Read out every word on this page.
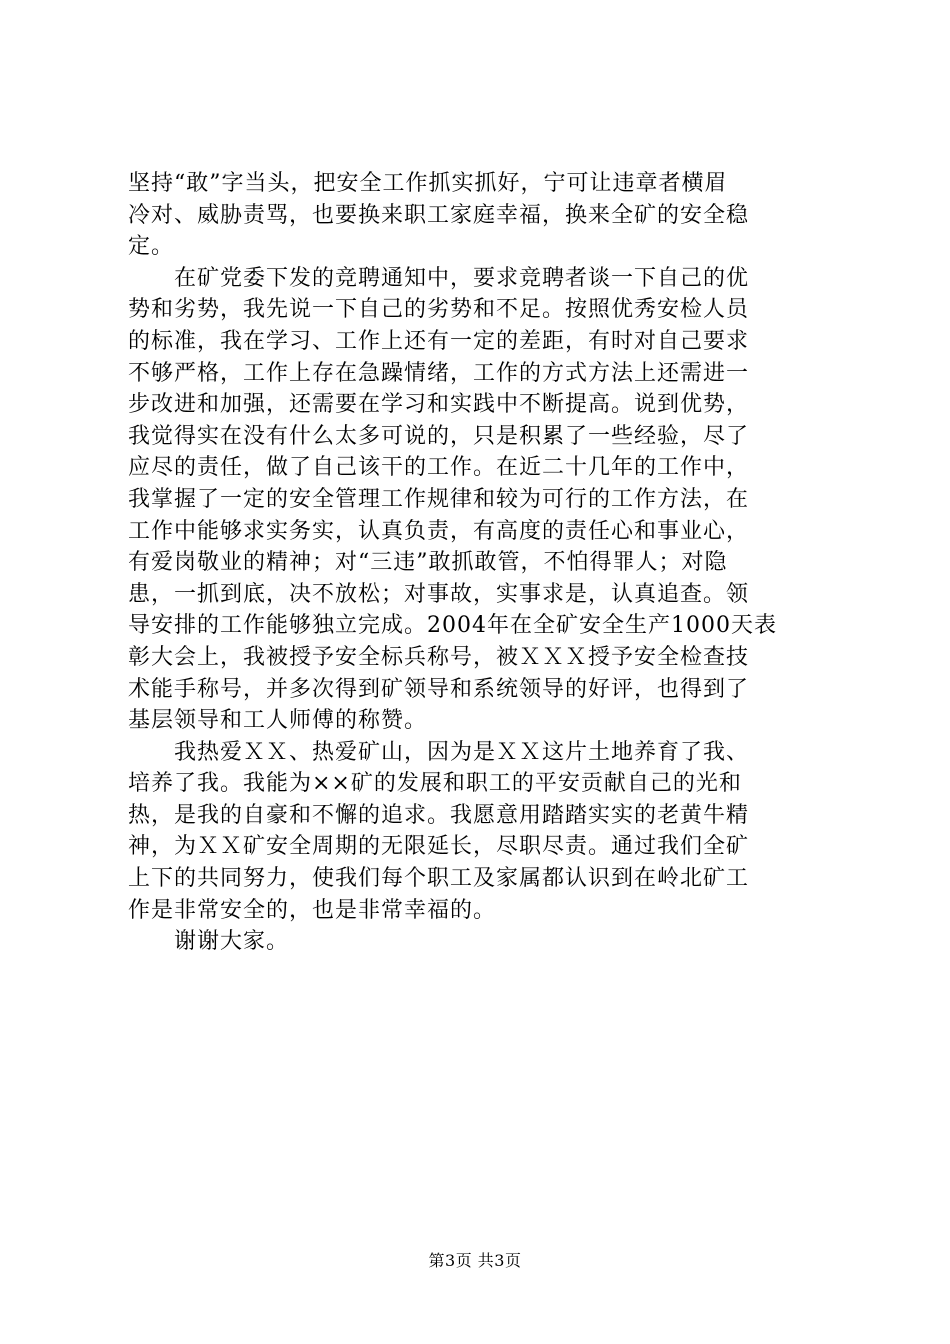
坚持“敢”字当头，把安全工作抓实抓好，宁可让违章者横眉
冷对、威胁责骂，也要换来职工家庭幸福，换来全矿的安全稳
定。

　　在矿党委下发的竞聘通知中，要求竞聘者谈一下自己的优
势和劣势，我先说一下自己的劣势和不足。按照优秀安检人员
的标准，我在学习、工作上还有一定的差距，有时对自己要求
不够严格，工作上存在急躁情绪，工作的方式方法上还需进一
步改进和加强，还需要在学习和实践中不断提高。说到优势，
我觉得实在没有什么太多可说的，只是积累了一些经验，尽了
应尽的责任，做了自己该干的工作。在近二十几年的工作中，
我掌握了一定的安全管理工作规律和较为可行的工作方法，在
工作中能够求实务实，认真负责，有高度的责任心和事业心，
有爱岗敬业的精神；对“三违”敢抓敢管，不怕得罪人；对隐
患，一抓到底，决不放松；对事故，实事求是，认真追查。领
导安排的工作能够独立完成。2004年在全矿安全生产1000天表
彰大会上，我被授予安全标兵称号，被ＸＸＸ授予安全检查技
术能手称号，并多次得到矿领导和系统领导的好评，也得到了
基层领导和工人师傅的称赞。

　　我热爱ＸＸ、热爱矿山，因为是ＸＸ这片土地养育了我、
培养了我。我能为××矿的发展和职工的平安贡献自己的光和
热，是我的自豪和不懈的追求。我愿意用踏踏实实的老黄牛精
神，为ＸＸ矿安全周期的无限延长，尽职尽责。通过我们全矿
上下的共同努力，使我们每个职工及家属都认识到在岭北矿工
作是非常安全的，也是非常幸福的。

　　谢谢大家。

第3页 共3页
